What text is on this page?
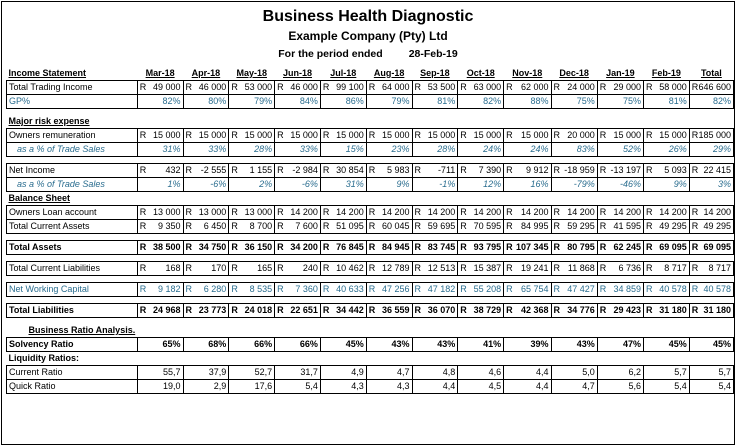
Business Health Diagnostic
Example Company (Pty) Ltd
For the period ended 28-Feb-19
Income Statement	Mar-18	Apr-18	May-18	Jun-18	Jul-18	Aug-18	Sep-18	Oct-18	Nov-18	Dec-18	Jan-19	Feb-19	Total
Total Trading Income	R 49 000	R 46 000	R 53 000	R 46 000	R 99 100	R 64 000	R 53 500	R 63 000	R 62 000	R 24 000	R 29 000	R 58 000	R 646 600

GP%	82%	80%	79%	84%	86%	79%	81%	82%	88%	75%	75%	81%	82%

Major risk expense													
Owners remuneration	R 15 000	R 15 000	R 15 000	R 15 000	R 15 000	R 15 000	R 15 000	R 15 000	R 15 000	R 20 000	R 15 000	R 15 000	R 185 000

as a % of Trade Sales	31%	33%	28%	33%	15%	23%	28%	24%	24%	83%	52%	26%	29%

Net Income	R 432	R -2 555	R 1 155	R -2 984	R 30 854	R 5 983	R -711	R 7 390	R 9 912	R -18 959	R -13 197	R 5 093	R 22 415

as a % of Trade Sales	1%	-6%	2%	-6%	31%	9%	-1%	12%	16%	-79%	-46%	9%	3%
Balance Sheet													
Owners Loan account	R 13 000	R 13 000	R 13 000	R 14 200	R 14 200	R 14 200	R 14 200	R 14 200	R 14 200	R 14 200	R 14 200	R 14 200	R 14 200

Total Current Assets	R 9 350	R 6 450	R 8 700	R 7 600	R 51 095	R 60 045	R 59 695	R 70 595	R 84 995	R 59 295	R 41 595	R 49 295	R 49 295

Total Assets	R 38 500	R 34 750	R 36 150	R 34 200	R 76 845	R 84 945	R 83 745	R 93 795	R 107 345	R 80 795	R 62 245	R 69 095	R 69 095

Total Current Liabilities	R 168	R 170	R 165	R 240	R 10 462	R 12 789	R 12 513	R 15 387	R 19 241	R 11 868	R 6 736	R 8 717	R 8 717

Net Working Capital	R 9 182	R 6 280	R 8 535	R 7 360	R 40 633	R 47 256	R 47 182	R 55 208	R 65 754	R 47 427	R 34 859	R 40 578	R 40 578

Total Liabilities	R 24 968	R 23 773	R 24 018	R 22 651	R 34 442	R 36 559	R 36 070	R 38 729	R 42 368	R 34 776	R 29 423	R 31 180	R 31 180

Business Ratio Analysis.													
Solvency Ratio	65%	68%	66%	66%	45%	43%	43%	41%	39%	43%	47%	45%	45%
Liquidity Ratios:													
Current Ratio	55,7	37,9	52,7	31,7	4,9	4,7	4,8	4,6	4,4	5,0	6,2	5,7	5,7
Quick Ratio	19,0	2,9	17,6	5,4	4,3	4,3	4,4	4,5	4,4	4,7	5,6	5,4	5,4
